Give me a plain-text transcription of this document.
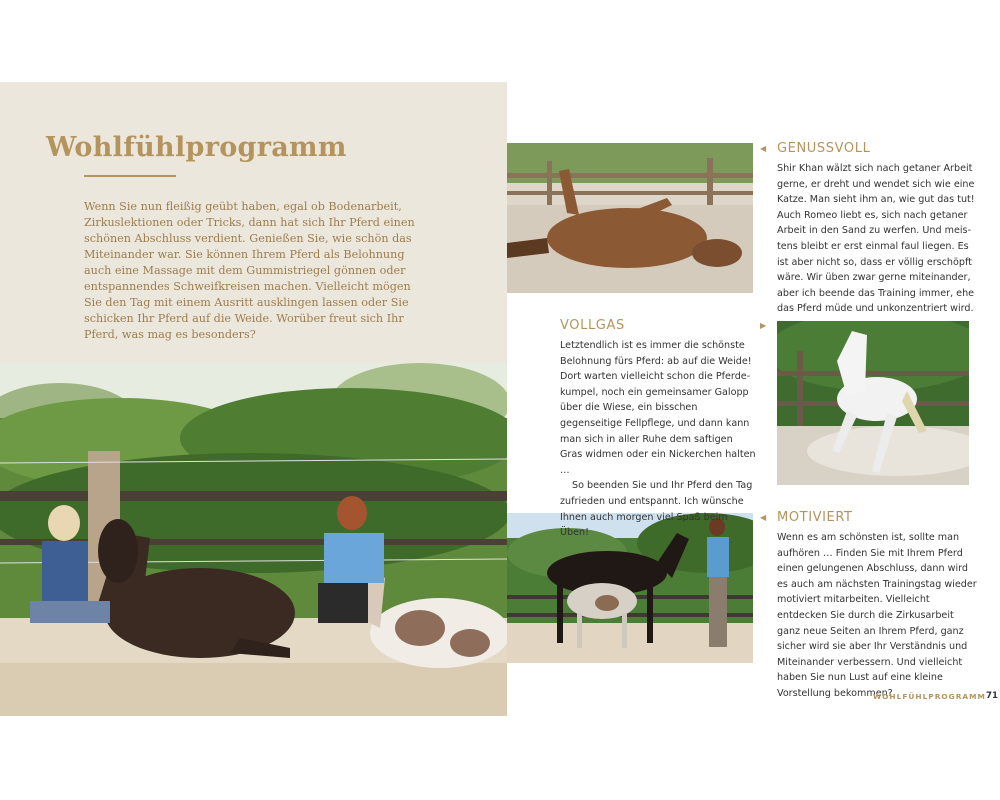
Wohlfühlprogramm
Wenn Sie nun fleißig geübt haben, egal ob Bodenarbeit, Zirkuslektionen oder Tricks, dann hat sich Ihr Pferd einen schönen Abschluss verdient. Genießen Sie, wie schön das Miteinander war. Sie können Ihrem Pferd als Belohnung auch eine Massage mit dem Gummistriegel gönnen oder entspannendes Schweifkreisen machen. Vielleicht mögen Sie den Tag mit einem Ausritt ausklingen lassen oder Sie schicken Ihr Pferd auf die Weide. Worüber freut sich Ihr Pferd, was mag es besonders?
◀ GENUSSVOLL
Shir Khan wälzt sich nach getaner Arbeit gerne, er dreht und wendet sich wie eine Katze. Man sieht ihm an, wie gut das tut! Auch Romeo liebt es, sich nach getaner Arbeit in den Sand zu werfen. Und meistens bleibt er erst einmal faul liegen. Es ist aber nicht so, dass er völlig erschöpft wäre. Wir üben zwar gerne miteinander, aber ich beende das Training immer, ehe das Pferd müde und unkonzentriert wird.
VOLLGAS	▶

Letztendlich ist es immer die schönste Belohnung fürs Pferd: ab auf die Weide! Dort warten vielleicht schon die Pferdekumpel, noch ein gemeinsamer Galopp über die Wiese, ein bisschen gegenseitige Fellpflege, und dann kann man sich in aller Ruhe dem saftigen Gras widmen oder ein Nickerchen halten …

So beenden Sie und Ihr Pferd den Tag zufrieden und entspannt. Ich wünsche Ihnen auch morgen viel Spaß beim Üben!

◀ MOTIVIERT
Wenn es am schönsten ist, sollte man aufhören … Finden Sie mit Ihrem Pferd einen gelungenen Abschluss, dann wird es auch am nächsten Trainingstag wieder motiviert mitarbeiten. Vielleicht entdecken Sie durch die Zirkusarbeit ganz neue Seiten an Ihrem Pferd, ganz sicher wird sie aber Ihr Verständnis und Miteinander verbessern. Und vielleicht haben Sie nun Lust auf eine kleine Vorstellung bekommen?
WOHLFÜHLPROGRAMM 71
